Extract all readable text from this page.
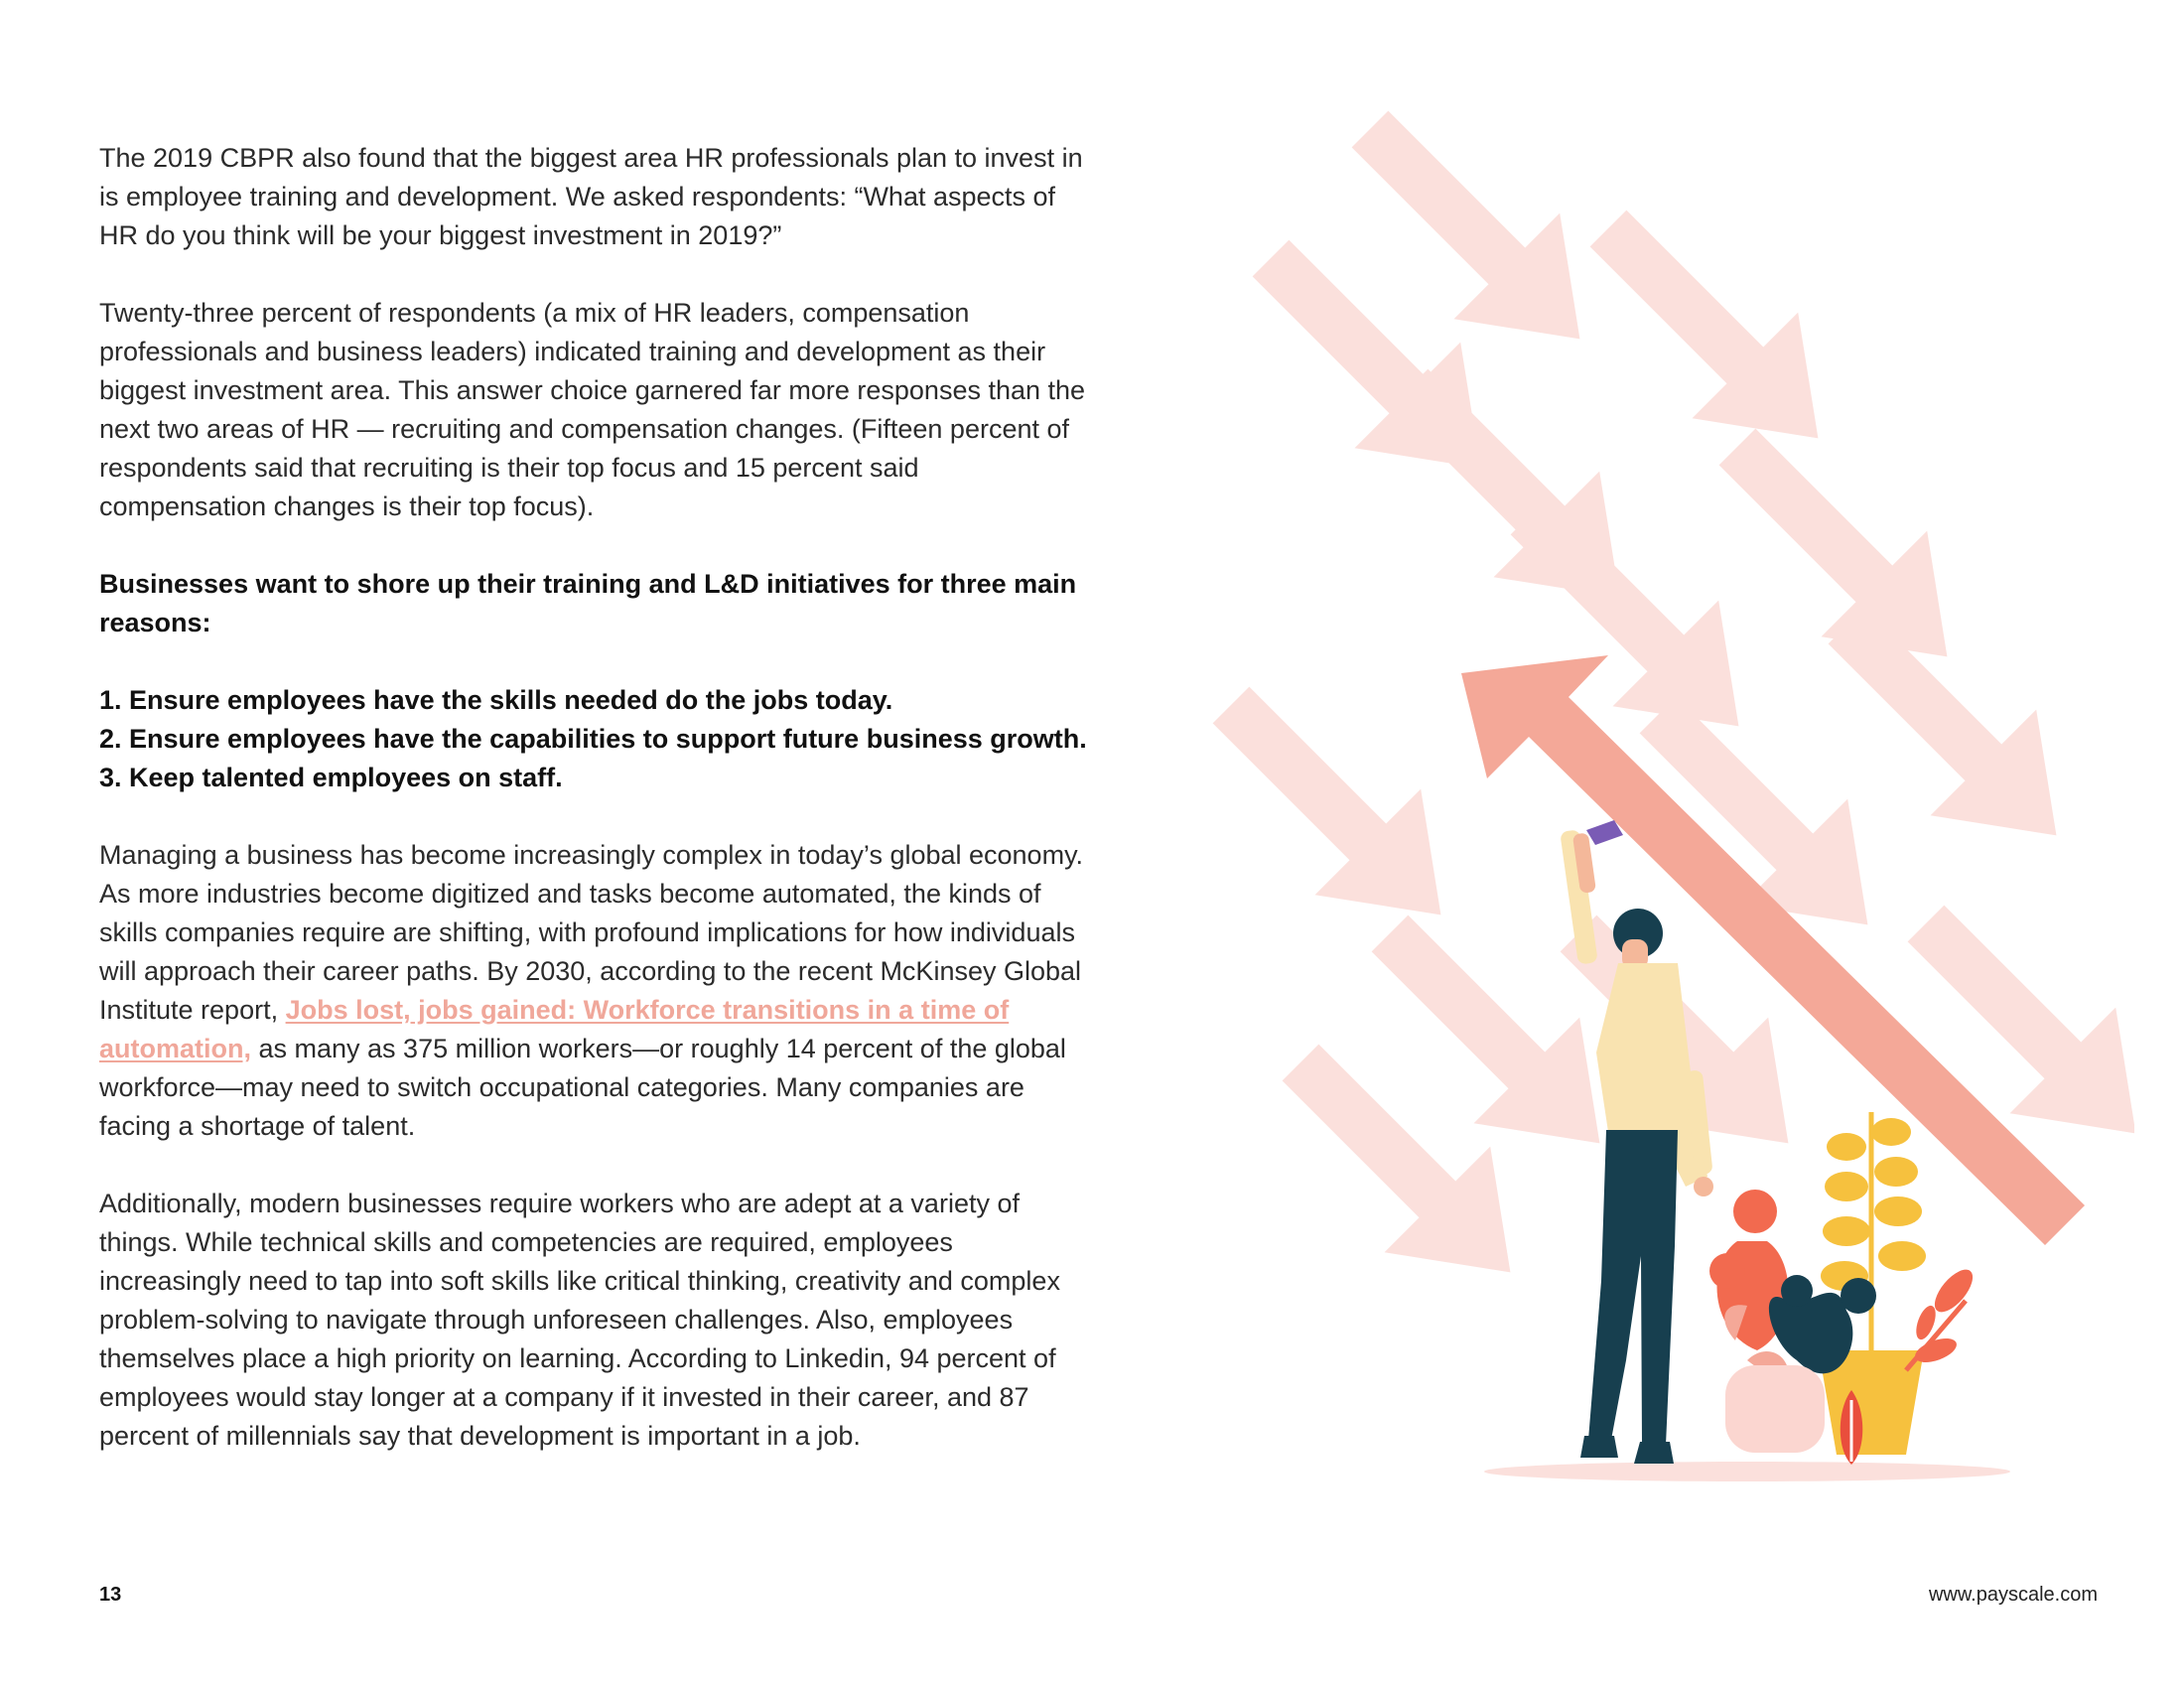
The 2019 CBPR also found that the biggest area HR professionals plan to invest in is employee training and development. We asked respondents: “What aspects of HR do you think will be your biggest investment in 2019?”

Twenty-three percent of respondents (a mix of HR leaders, compensation professionals and business leaders) indicated training and development as their biggest investment area. This answer choice garnered far more responses than the next two areas of HR — recruiting and compensation changes. (Fifteen percent of respondents said that recruiting is their top focus and 15 percent said compensation changes is their top focus).

Businesses want to shore up their training and L&D initiatives for three main reasons:

1. Ensure employees have the skills needed do the jobs today.
2. Ensure employees have the capabilities to support future business growth.
3. Keep talented employees on staff.

Managing a business has become increasingly complex in today’s global economy. As more industries become digitized and tasks become automated, the kinds of skills companies require are shifting, with profound implications for how individuals will approach their career paths. By 2030, according to the recent McKinsey Global Institute report, Jobs lost, jobs gained: Workforce transitions in a time of automation, as many as 375 million workers—or roughly 14 percent of the global workforce—may need to switch occupational categories. Many companies are facing a shortage of talent.

Additionally, modern businesses require workers who are adept at a variety of things. While technical skills and competencies are required, employees increasingly need to tap into soft skills like critical thinking, creativity and complex problem-solving to navigate through unforeseen challenges. Also, employees themselves place a high priority on learning. According to Linkedin, 94 percent of employees would stay longer at a company if it invested in their career, and 87 percent of millennials say that development is important in a job.

13	www.payscale.com
